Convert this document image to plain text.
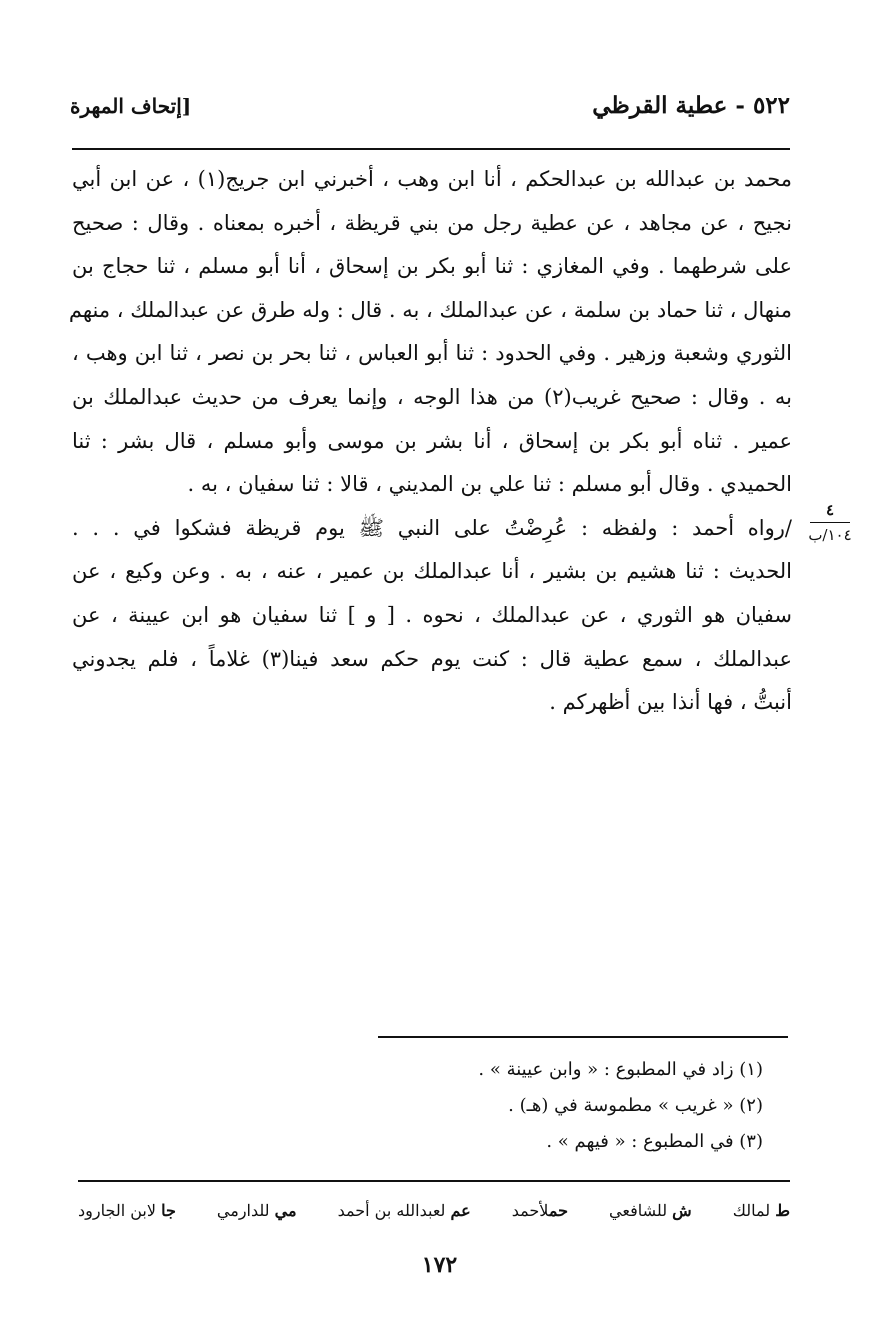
٥٢٢ - عطية القرظي
[إتحاف المهرة
٤
١٠٤/ب
محمد بن عبدالله بن عبدالحكم ، أنا ابن وهب ، أخبرني ابن جريج(١) ، عن ابن أبي
نجيح ، عن مجاهد ، عن عطية رجل من بني قريظة ، أخبره بمعناه . وقال : صحيح
على شرطهما . وفي المغازي : ثنا أبو بكر بن إسحاق ، أنا أبو مسلم ، ثنا حجاج بن
منهال ، ثنا حماد بن سلمة ، عن عبدالملك ، به . قال : وله طرق عن عبدالملك ، منهم
الثوري وشعبة وزهير . وفي الحدود : ثنا أبو العباس ، ثنا بحر بن نصر ، ثنا ابن وهب ،
به . وقال : صحيح غريب(٢) من هذا الوجه ، وإنما يعرف من حديث عبدالملك بن
عمير . ثناه أبو بكر بن إسحاق ، أنا بشر بن موسى وأبو مسلم ، قال بشر : ثنا
الحميدي . وقال أبو مسلم : ثنا علي بن المديني ، قالا : ثنا سفيان ، به .
/رواه أحمد : ولفظه : عُرِضْتُ على النبي ﷺ يوم قريظة فشكوا في . . .
الحديث : ثنا هشيم بن بشير ، أنا عبدالملك بن عمير ، عنه ، به . وعن وكيع ، عن
سفيان هو الثوري ، عن عبدالملك ، نحوه . [ و ] ثنا سفيان هو ابن عيينة ، عن
عبدالملك ، سمع عطية قال : كنت يوم حكم سعد فينا(٣) غلاماً ، فلم يجدوني
أنبتُّ ، فها أنذا بين أظهركم .
(١) زاد في المطبوع : « وابن عيينة » .
(٢) « غريب » مطموسة في (هـ) .
(٣) في المطبوع : « فيهم » .
ط لمالك
ش للشافعي
حملأحمد
عم لعبدالله بن أحمد
مي للدارمي
جا لابن الجارود
١٧٢
